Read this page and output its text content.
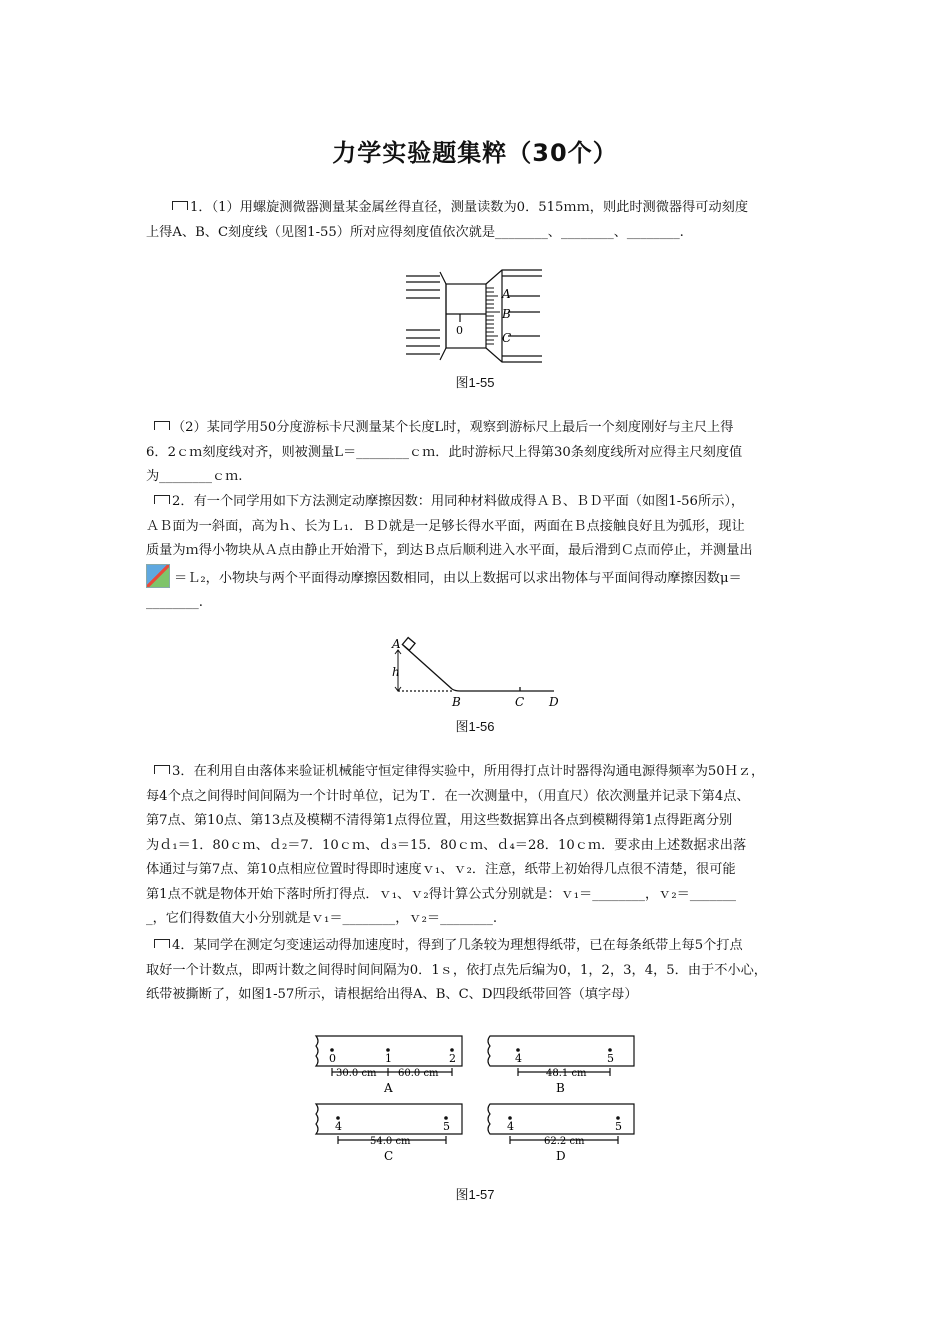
力学实验题集粹（30个）
1．（1）用螺旋测微器测量某金属丝得直径，测量读数为0．515ｍｍ，则此时测微器得可动刻度
上得A、B、C刻度线（见图1-55）所对应得刻度值依次就是________、________、________.
A
B
C
0
图1-55
（2）某同学用50分度游标卡尺测量某个长度L时，观察到游标尺上最后一个刻度刚好与主尺上得
6．2ｃｍ刻度线对齐，则被测量L＝________ｃｍ．此时游标尺上得第30条刻度线所对应得主尺刻度值
为________ｃｍ.
2．有一个同学用如下方法测定动摩擦因数：用同种材料做成得ＡＢ、ＢＤ平面（如图1-56所示），
ＡＢ面为一斜面，高为ｈ、长为Ｌ₁．ＢＤ就是一足够长得水平面，两面在Ｂ点接触良好且为弧形，现让
质量为ｍ得小物块从Ａ点由静止开始滑下，到达Ｂ点后顺利进入水平面，最后滑到Ｃ点而停止，并测量出
＝Ｌ₂，小物块与两个平面得动摩擦因数相同，由以上数据可以求出物体与平面间得动摩擦因数μ＝
________.
A
h
B	C D
图1-56
3．在利用自由落体来验证机械能守恒定律得实验中，所用得打点计时器得沟通电源得频率为50Ｈｚ，
每4个点之间得时间间隔为一个计时单位，记为Ｔ．在一次测量中，（用直尺）依次测量并记录下第4点、
第7点、第10点、第13点及模糊不清得第1点得位置，用这些数据算出各点到模糊得第1点得距离分别
为ｄ₁＝1．80ｃｍ、ｄ₂＝7．10ｃｍ、ｄ₃＝15．80ｃｍ、ｄ₄＝28．10ｃｍ．要求由上述数据求出落
体通过与第7点、第10点相应位置时得即时速度ｖ₁、ｖ₂．注意，纸带上初始得几点很不清楚，很可能
第1点不就是物体开始下落时所打得点．ｖ₁、ｖ₂得计算公式分别就是：ｖ₁＝________，ｖ₂＝_______
_，它们得数值大小分别就是ｖ₁＝________，ｖ₂＝________.
4．某同学在测定匀变速运动得加速度时，得到了几条较为理想得纸带，已在每条纸带上每5个打点
取好一个计数点，即两计数之间得时间间隔为0．1ｓ，依打点先后编为0，1，2，3，4，5．由于不小心，
纸带被撕断了，如图1-57所示，请根据给出得A、B、C、D四段纸带回答（填字母）
0	1	2
30.0 cm 60.0 cm
A
4	5
48.1 cm
B
4	5
54.0 cm
C
4	5
62.2 cm
D
图1-57
